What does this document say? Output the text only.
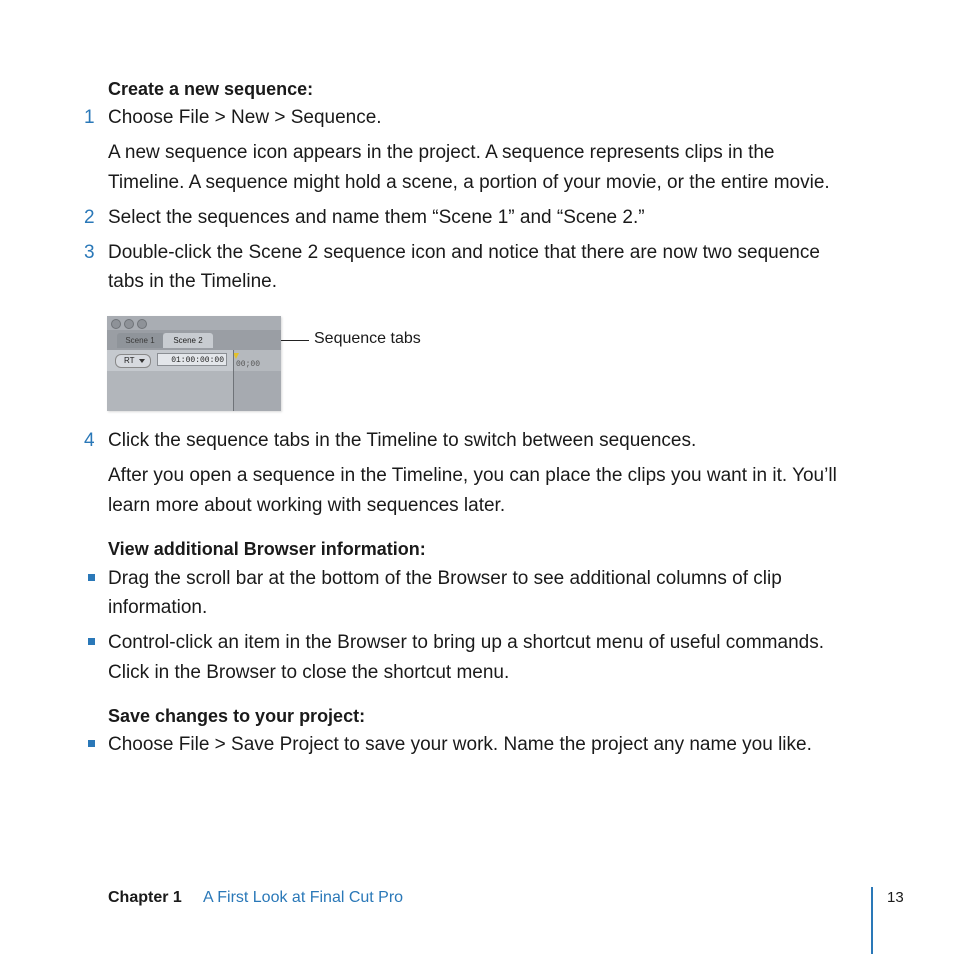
Create a new sequence:
1 Choose File > New > Sequence.
A new sequence icon appears in the project. A sequence represents clips in the
Timeline. A sequence might hold a scene, a portion of your movie, or the entire movie.
2 Select the sequences and name them “Scene 1” and “Scene 2.”
3 Double-click the Scene 2 sequence icon and notice that there are now two sequence
tabs in the Timeline.
Scene 1	Scene 2
RT	01:00:00:00	00;00
Sequence tabs
4 Click the sequence tabs in the Timeline to switch between sequences.
After you open a sequence in the Timeline, you can place the clips you want in it. You’ll
learn more about working with sequences later.
View additional Browser information:
Drag the scroll bar at the bottom of the Browser to see additional columns of clip
information.
Control-click an item in the Browser to bring up a shortcut menu of useful commands.
Click in the Browser to close the shortcut menu.
Save changes to your project:
Choose File > Save Project to save your work. Name the project any name you like.
Chapter 1 A First Look at Final Cut Pro	13
